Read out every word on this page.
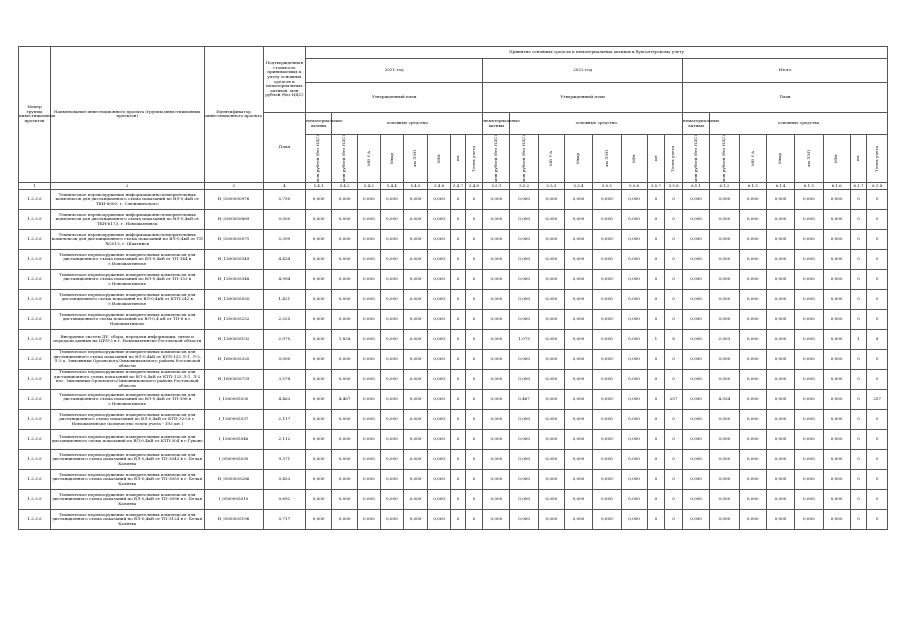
Номер группы инвестиционных проектов	Наименование инвестиционного проекта (группы инвестиционных проектов)	Идентификатор инвестиционного проекта	Подтвержденная стоимость принимаемых к учету основных средств и нематериальных активов, млн рублей (без НДС)	Принятие основных средств и нематериальных активов к бухгалтерскому учету																							
				2021 год								2022 год								Итого							
				Утвержденный план								Утвержденный план								План							
			План	нематериальные активы	основные средства							нематериальные активы	основные средства							нематериальные активы	основные средства						

				млн рублей (без НДС)	млн рублей (без НДС)	МВ×А	Мвар	км ЛЭП	МВт	шт	Точек учета	млн рублей (без НДС)	млн рублей (без НДС)	МВ×А	Мвар	км ЛЭП	МВт	шт	Точек учета	млн рублей (без НДС)	млн рублей (без НДС)	МВ×А	Мвар	км ЛЭП	МВт	шт	Точек учета

1	2	3	4	5.4.1	5.4.2	5.4.3	5.4.4	5.4.5	5.4.6	5.4.7	5.4.8	5.5.1	5.5.2	5.5.3	5.5.4	5.5.5	5.5.6	5.5.7	5.5.8	6.1.1	6.1.2	6.1.3	6.1.4	6.1.5	6.1.6	6.1.7	6.1.8
1.2.3.5	Техническое перевооружение информационно-измерительных комплексов для дистанционного съема показаний по ВЛ-0,4кВ от ТКН-6000, г. Слюнавичского	H_0300000976	5,750	0,000	0,000	0,000	0,000	0,000	0,000	0	0	0,000	0,000	0,000	0,000	0,000	0,000	0	0	0,000	0,000	0,000	0,000	0,000	0,000	0	0
1.2.3.5	Техническое перевооружение информационно-измерительных комплексов для дистанционного съема показаний по ВЛ-0,4кВ от ТКН-6173, г. Новошахтинск	H_0300005869	0,000	0,000	0,000	0,000	0,000	0,000	0,000	0	0	0,000	0,000	0,000	0,000	0,000	0,000	0	0	0,000	0,000	0,000	0,000	0,000	0,000	0	0
1.2.3.5	Техническое перевооружение информационно-измерительных комплексов для дистанционного съема показаний по ВЛ-0,4кВ от ТП №2013, г. Шахтинск	H_0300005071	5,399	0,000	0,000	0,000	0,000	0,000	0,000	0	0	0,000	0,000	0,000	0,000	0,000	0,000	0	0	0,000	0,000	0,000	0,000	0,000	0,000	0	0
1.2.3.5	Техническое перевооружение измерительных комплексов для дистанционного съема показаний по ВЛ-0,4кВ от ТП-144 в г.Новошахтинске	H_1300005349	4,434	0,000	0,000	0,000	0,000	0,000	0,000	0	0	0,000	0,000	0,000	0,000	0,000	0,000	0	0	0,000	0,000	0,000	0,000	0,000	0,000	0	0
1.2.3.5	Техническое перевооружение измерительных комплексов для дистанционного съема показаний по ВЛ-0,4кВ от ТП-153 в г.Новошахтинске	H_1300005348	4,994	0,000	0,000	0,000	0,000	0,000	0,000	0	0	0,000	0,000	0,000	0,000	0,000	0,000	0	0	0,000	0,000	0,000	0,000	0,000	0,000	0	0
1.2.3.5	Техническое перевооружение измерительных комплексов для дистанционного съема показаний по ВЛ-0,4кВ от КТП-242 в г.Новошахтинске	H_1300005550	1,421	0,000	0,000	0,000	0,000	0,000	0,000	0	0	0,000	0,000	0,000	0,000	0,000	0,000	0	0	0,000	0,000	0,000	0,000	0,000	0,000	0	0
1.2.3.5	Техническое перевооружение измерительных комплексов для дистанционного съема показаний по ВЛ-0,4 кВ от ТП-8 в г. Новошахтинске	H_1300005252	2,325	0,000	0,000	0,000	0,000	0,000	0,000	0	0	0,000	0,000	0,000	0,000	0,000	0,000	0	0	0,000	0,000	0,000	0,000	0,000	0,000	0	0
1.2.3.5	Внедрение систем ДУ, сбора, передачи информации, связи и передачи данных на ЦРП-3 в г. Новошахтинске Ростовской области	H_1300005192	2,975	0,000	1,828	0,000	0,000	0,000	0,000	0	0	0,000	1,075	0,000	0,000	0,000	0,000	1	8	0,000	2,903	0,000	0,000	0,000	0,000	1	8
1.2.3.5	Техническое перевооружение измерительных комплексов для дистанционного съема показаний по ВЛ-0,4кВ от КТП-132 Л-1, Л-2, Л-3 х. Зимовники Орловского/Зимовниковского района Ростовской области	H_1600005320	0,000	0,000	0,000	0,000	0,000	0,000	0,000	0	0	0,000	0,000	0,000	0,000	0,000	0,000	0	0	0,000	0,000	0,000	0,000	0,000	0,000	0	0
1.2.3.5	Техническое перевооружение измерительных комплексов для дистанционного съема показаний по ВЛ-0,4кВ от КТП-125 Л-1, Л-2 пос. Зимовники Орловского/Зимовниковского района Ростовской области	H_1600005729	3,578	0,000	0,000	0,000	0,000	0,000	0,000	0	0	0,000	0,000	0,000	0,000	0,000	0,000	0	0	0,000	0,000	0,000	0,000	0,000	0,000	0	0
1.2.3.5	Техническое перевооружение измерительных комплексов для дистанционного съема показаний по ВЛ-0,4кВ от ТП-396 в г.Новошахтинске	I_1300005530	4,463	0,000	4,467	0,000	0,000	0,000	0,000	0	0	0,000	0,467	0,000	0,000	0,000	0,000	0	257	0,000	4,934	0,000	0,000	0,000	0,000	0	257
1.2.3.5	Техническое перевооружение измерительных комплексов для дистанционного съема показаний по ВЛ-0,4кВ от КТП-323 в г. Новошахтинске (количество точек учета - 193 шт.)	I_1300005537	2,117	0,000	0,000	0,000	0,000	0,000	0,000	0	0	0,000	0,000	0,000	0,000	0,000	0,000	0	0	0,000	0,000	0,000	0,000	0,000	0,000	0	0
1.2.3.5	Техническое перевооружение измерительных комплексов для дистанционного съема показаний по ВЛ-0,4кВ от КТП-304 в г.Гуково	I_1300005546	2,112	0,000	0,000	0,000	0,000	0,000	0,000	0	0	0,000	0,000	0,000	0,000	0,000	0,000	0	0	0,000	0,000	0,000	0,000	0,000	0,000	0	0
1.2.3.5	Техническое перевооружение измерительных комплексов для дистанционного съема показаний по ВЛ-0,4кВ от ТП-3043 в г. Белая Калитва	I_0500005035	9,371	0,000	0,000	0,000	0,000	0,000	0,000	0	0	0,000	0,000	0,000	0,000	0,000	0,000	0	0	0,000	0,000	0,000	0,000	0,000	0,000	0	0
1.2.3.5	Техническое перевооружение измерительных комплексов для дистанционного съема показаний по ВЛ-0,4кВ от ТП-3055 в г. Белая Калитва	H_0500005286	0,453	0,000	0,000	0,000	0,000	0,000	0,000	0	0	0,000	0,000	0,000	0,000	0,000	0,000	0	0	0,000	0,000	0,000	0,000	0,000	0,000	0	0
1.2.3.5	Техническое перевооружение измерительных комплексов для дистанционного съема показаний по ВЛ-0,4кВ от ТП-3096 в г. Белая Калитва	I_0500005010	0,692	0,000	0,000	0,000	0,000	0,000	0,000	0	0	0,000	0,000	0,000	0,000	0,000	0,000	0	0	0,000	0,000	0,000	0,000	0,000	0,000	0	0
1.2.3.5	Техническое перевооружение измерительных комплексов для дистанционного съема показаний по ВЛ-0,4кВ от ТП-3124 в г. Белая Калитва	H_0500005196	0,717	0,000	0,000	0,000	0,000	0,000	0,000	0	0	0,000	0,000	0,000	0,000	0,000	0,000	0	0	0,000	0,000	0,000	0,000	0,000	0,000	0	0
